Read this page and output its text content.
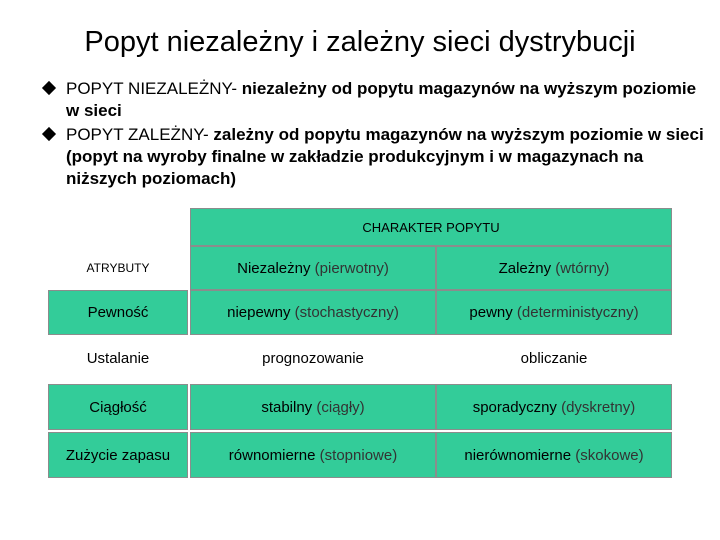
Popyt niezależny i zależny sieci dystrybucji
POPYT NIEZALEŻNY- niezależny od popytu magazynów na wyższym poziomie w sieci
POPYT ZALEŻNY- zależny od popytu magazynów na wyższym poziomie w sieci (popyt na wyroby finalne w zakładzie produkcyjnym i w magazynach na niższych poziomach)
CHARAKTER POPYTU
ATRYBUTY	Niezależny (pierwotny)	Zależny (wtórny)
Pewność	niepewny (stochastyczny)	pewny (deterministyczny)
Ustalanie	prognozowanie	obliczanie
Ciągłość	stabilny (ciągły)	sporadyczny (dyskretny)
Zużycie zapasu	równomierne (stopniowe)	nierównomierne (skokowe)
